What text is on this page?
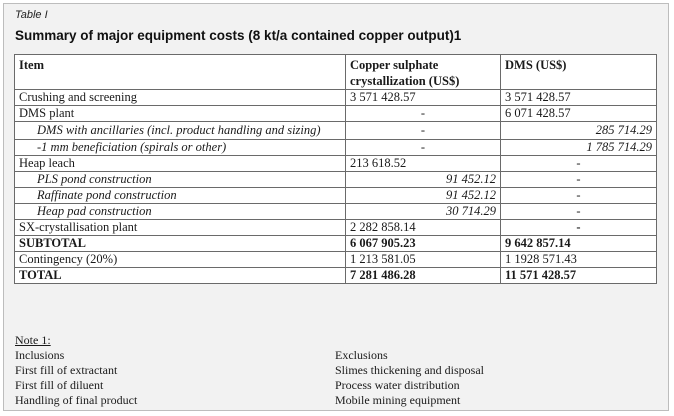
Table I
Summary of major equipment costs (8 kt/a contained copper output)1
Item	Copper sulphate crystallization (US$)	DMS (US$)
Crushing and screening	3 571 428.57	3 571 428.57
DMS plant	-	6 071 428.57
DMS with ancillaries (incl. product handling and sizing)	-	285 714.29
-1 mm beneficiation (spirals or other)	-	1 785 714.29
Heap leach	213 618.52	-
PLS pond construction	91 452.12	-
Raffinate pond construction	91 452.12	-
Heap pad construction	30 714.29	-
SX-crystallisation plant	2 282 858.14	-
SUBTOTAL	6 067 905.23	9 642 857.14
Contingency (20%)	1 213 581.05	1 1928 571.43
TOTAL	7 281 486.28	11 571 428.57
Note 1:
Inclusions
First fill of extractant
First fill of diluent
Handling of final product
Exclusions
Slimes thickening and disposal
Process water distribution
Mobile mining equipment
